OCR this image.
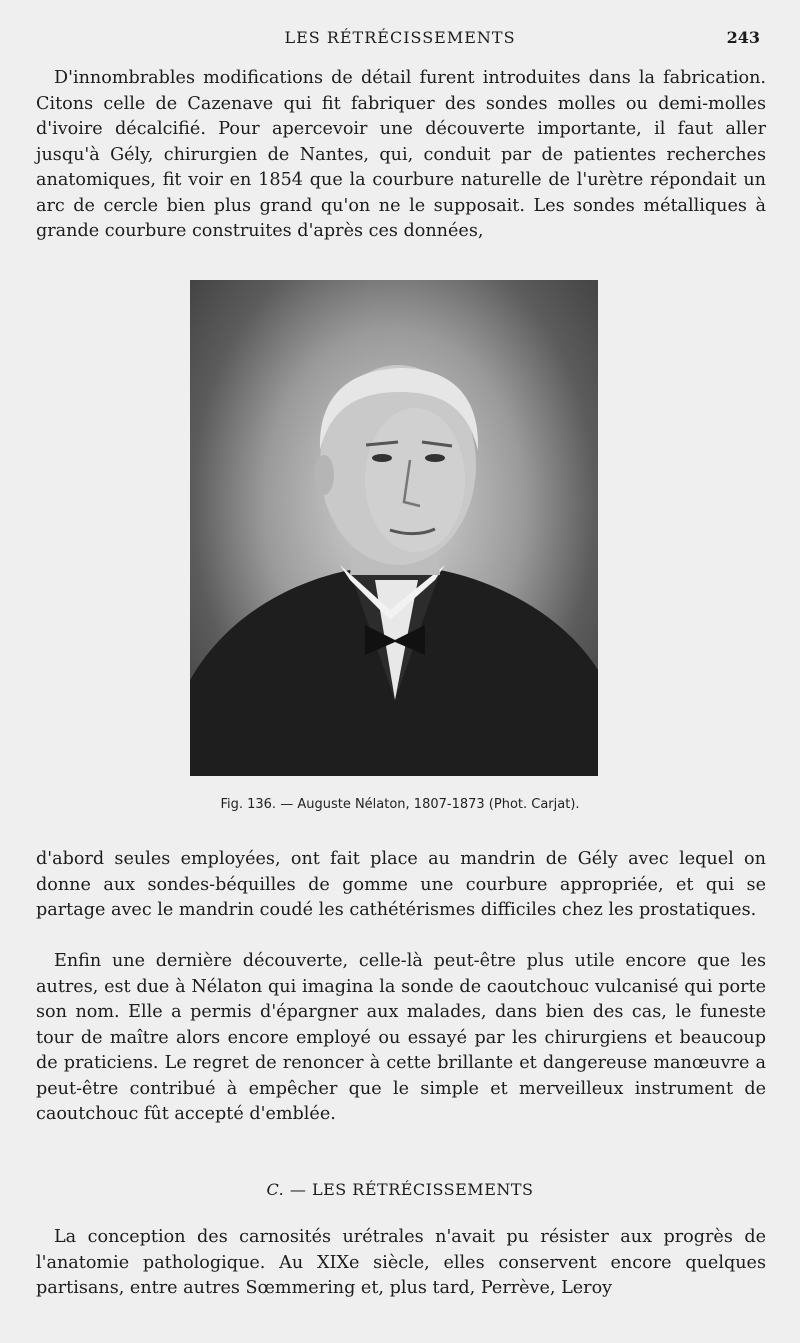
LES RÉTRÉCISSEMENTS	243

D'innombrables modifications de détail furent introduites dans la fabrication. Citons celle de Cazenave qui fit fabriquer des sondes molles ou demi-molles d'ivoire décalcifié. Pour apercevoir une découverte importante, il faut aller jusqu'à Gély, chirurgien de Nantes, qui, conduit par de patientes recherches anatomiques, fit voir en 1854 que la courbure naturelle de l'urètre répondait un arc de cercle bien plus grand qu'on ne le supposait. Les sondes métalliques à grande courbure construites d'après ces données,

Fig. 136. — Auguste Nélaton, 1807-1873 (Phot. Carjat).

d'abord seules employées, ont fait place au mandrin de Gély avec lequel on donne aux sondes-béquilles de gomme une courbure appropriée, et qui se partage avec le mandrin coudé les cathétérismes difficiles chez les prostatiques.

Enfin une dernière découverte, celle-là peut-être plus utile encore que les autres, est due à Nélaton qui imagina la sonde de caoutchouc vulcanisé qui porte son nom. Elle a permis d'épargner aux malades, dans bien des cas, le funeste tour de maître alors encore employé ou essayé par les chirurgiens et beaucoup de praticiens. Le regret de renoncer à cette brillante et dangereuse manœuvre a peut-être contribué à empêcher que le simple et merveilleux instrument de caoutchouc fût accepté d'emblée.

C. — LES RÉTRÉCISSEMENTS

La conception des carnosités urétrales n'avait pu résister aux progrès de l'anatomie pathologique. Au XIXe siècle, elles conservent encore quelques partisans, entre autres Sœmmering et, plus tard, Perrève, Leroy
